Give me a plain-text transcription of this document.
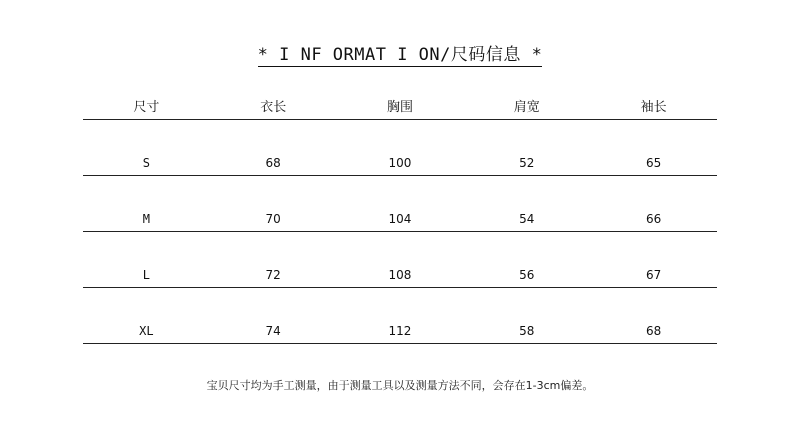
* I NF ORMAT I ON/尺码信息 *
尺寸	衣长	胸围	肩宽	袖长
S	68	100	52	65
M	70	104	54	66
L	72	108	56	67
XL	74	112	58	68
宝贝尺寸均为手工测量，由于测量工具以及测量方法不同，会存在1-3cm偏差。
